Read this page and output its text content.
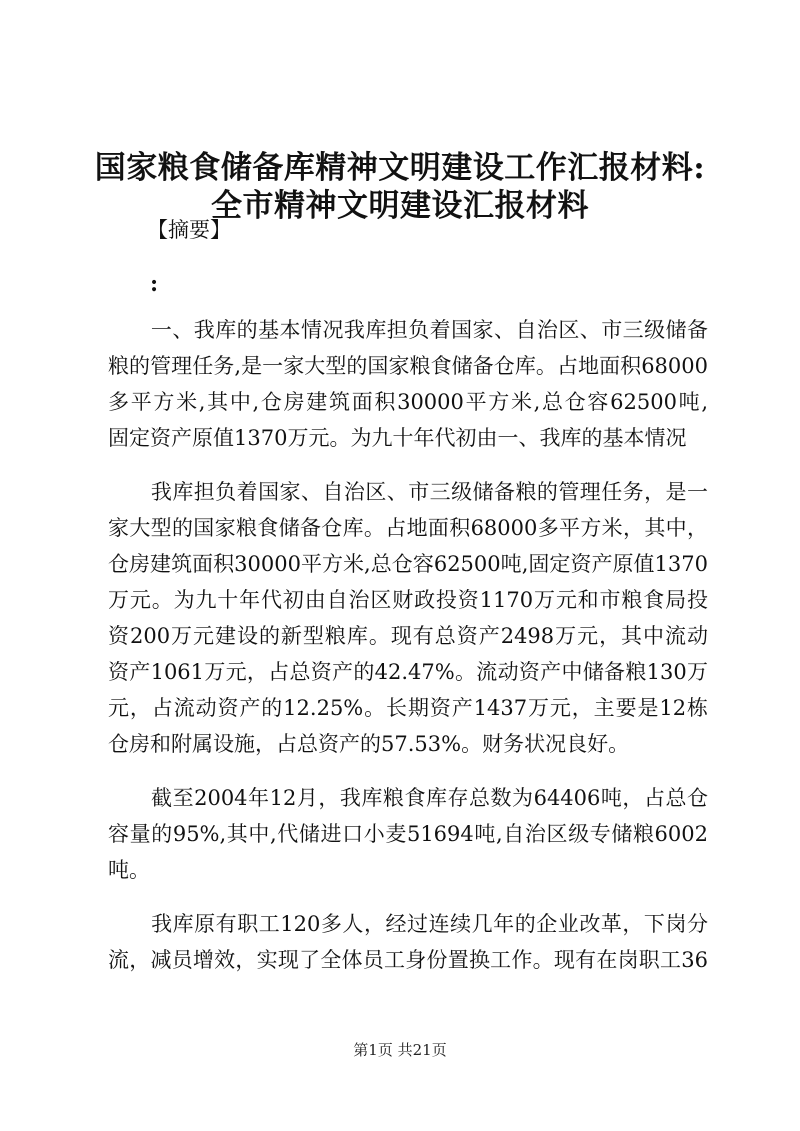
国家粮食储备库精神文明建设工作汇报材料:
全市精神文明建设汇报材料
【摘要】
:
　　一、我库的基本情况我库担负着国家、自治区、市三级储备
粮的管理任务,是一家大型的国家粮食储备仓库。占地面积68000
多平方米,其中,仓房建筑面积30000平方米,总仓容62500吨,
固定资产原值1370万元。为九十年代初由一、我库的基本情况
　　我库担负着国家、自治区、市三级储备粮的管理任务，是一
家大型的国家粮食储备仓库。占地面积68000多平方米，其中，
仓房建筑面积30000平方米,总仓容62500吨,固定资产原值1370
万元。为九十年代初由自治区财政投资1170万元和市粮食局投
资200万元建设的新型粮库。现有总资产2498万元，其中流动
资产1061万元，占总资产的42.47%。流动资产中储备粮130万
元，占流动资产的12.25%。长期资产1437万元，主要是12栋
仓房和附属设施，占总资产的57.53%。财务状况良好。
　　截至2004年12月，我库粮食库存总数为64406吨，占总仓
容量的95%,其中,代储进口小麦51694吨,自治区级专储粮6002
吨。
　　我库原有职工120多人，经过连续几年的企业改革，下岗分
流，减员增效，实现了全体员工身份置换工作。现有在岗职工36
第1页 共21页
